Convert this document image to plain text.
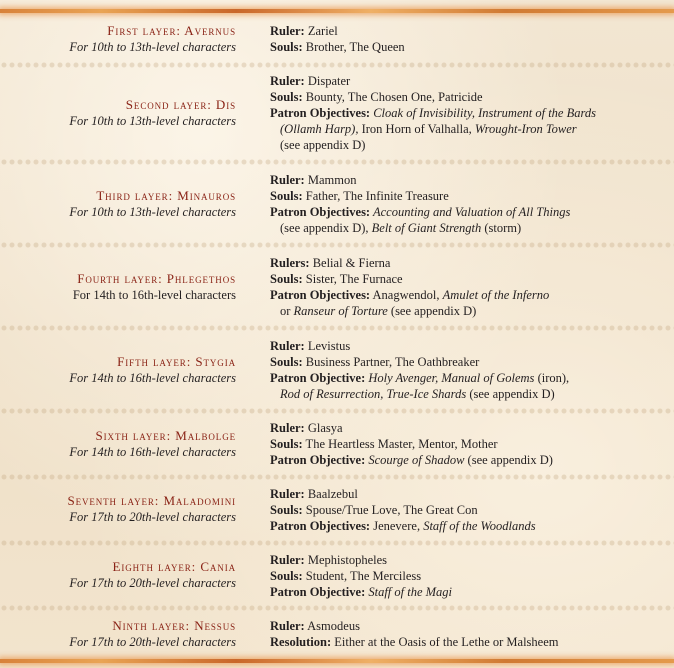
First layer: Avernus
For 10th to 13th-level characters
Ruler: Zariel
Souls: Brother, The Queen
Second layer: Dis
For 10th to 13th-level characters
Ruler: Dispater
Souls: Bounty, The Chosen One, Patricide
Patron Objectives: Cloak of Invisibility, Instrument of the Bards
(Ollamh Harp), Iron Horn of Valhalla, Wrought-Iron Tower
(see appendix D)
Third layer: Minauros
For 10th to 13th-level characters
Ruler: Mammon
Souls: Father, The Infinite Treasure
Patron Objectives: Accounting and Valuation of All Things
(see appendix D), Belt of Giant Strength (storm)
Fourth layer: Phlegethos
For 14th to 16th-level characters
Rulers: Belial & Fierna
Souls: Sister, The Furnace
Patron Objectives: Anagwendol, Amulet of the Inferno
or Ranseur of Torture (see appendix D)
Fifth layer: Stygia
For 14th to 16th-level characters
Ruler: Levistus
Souls: Business Partner, The Oathbreaker
Patron Objective: Holy Avenger, Manual of Golems (iron),
Rod of Resurrection, True-Ice Shards (see appendix D)
Sixth layer: Malbolge
For 14th to 16th-level characters
Ruler: Glasya
Souls: The Heartless Master, Mentor, Mother
Patron Objective: Scourge of Shadow (see appendix D)
Seventh layer: Maladomini
For 17th to 20th-level characters
Ruler: Baalzebul
Souls: Spouse/True Love, The Great Con
Patron Objectives: Jenevere, Staff of the Woodlands
Eighth layer: Cania
For 17th to 20th-level characters
Ruler: Mephistopheles
Souls: Student, The Merciless
Patron Objective: Staff of the Magi
Ninth layer: Nessus
For 17th to 20th-level characters
Ruler: Asmodeus
Resolution: Either at the Oasis of the Lethe or Malsheem
